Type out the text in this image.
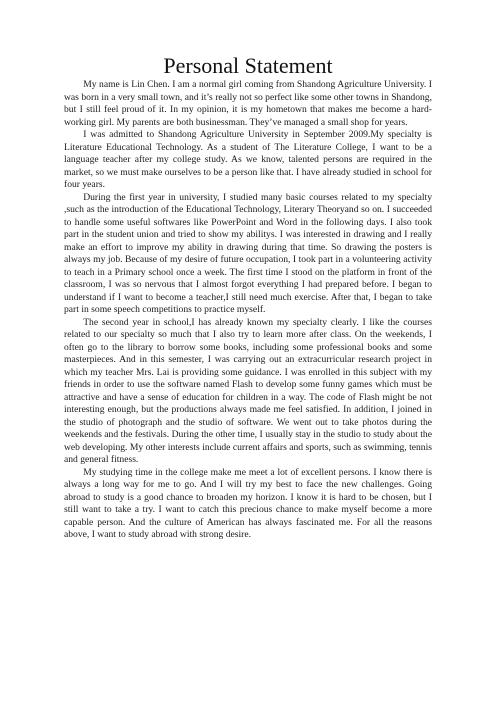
Personal Statement

My name is Lin Chen. I am a normal girl coming from Shandong Agriculture University. I was born in a very small town, and it’s really not so perfect like some other towns in Shandong, but I still feel proud of it. In my opinion, it is my hometown that makes me become a hard-working girl. My parents are both businessman. They’ve managed a small shop for years.

I was admitted to Shandong Agriculture University in September 2009.My specialty is Literature Educational Technology. As a student of The Literature College, I want to be a language teacher after my college study. As we know, talented persons are required in the market, so we must make ourselves to be a person like that. I have already studied in school for four years.

During the first year in university, I studied many basic courses related to my specialty ,such as the introduction of the Educational Technology, Literary Theoryand so on. I succeeded to handle some useful softwares like PowerPoint and Word in the following days. I also took part in the student union and tried to show my abilitys. I was interested in drawing and I really make an effort to improve my ability in drawing during that time. So drawing the posters is always my job. Because of my desire of future occupation, I took part in a volunteering activity to teach in a Primary school once a week. The first time I stood on the platform in front of the classroom, I was so nervous that I almost forgot everything I had prepared before. I began to understand if I want to become a teacher,I still need much exercise. After that, I began to take part in some speech competitions to practice myself.

The second year in school,I has already known my specialty clearly. I like the courses related to our specialty so much that I also try to learn more after class. On the weekends, I often go to the library to borrow some books, including some professional books and some masterpieces. And in this semester, I was carrying out an extracurricular research project in which my teacher Mrs. Lai is providing some guidance. I was enrolled in this subject with my friends in order to use the software named Flash to develop some funny games which must be attractive and have a sense of education for children in a way. The code of Flash might be not interesting enough, but the productions always made me feel satisfied. In addition, I joined in the studio of photograph and the studio of software. We went out to take photos during the weekends and the festivals. During the other time, I usually stay in the studio to study about the web developing. My other interests include current affairs and sports, such as swimming, tennis and general fitness.

My studying time in the college make me meet a lot of excellent persons. I know there is always a long way for me to go. And I will try my best to face the new challenges. Going abroad to study is a good chance to broaden my horizon. I know it is hard to be chosen, but I still want to take a try. I want to catch this precious chance to make myself become a more capable person. And the culture of American has always fascinated me. For all the reasons above, I want to study abroad with strong desire.
